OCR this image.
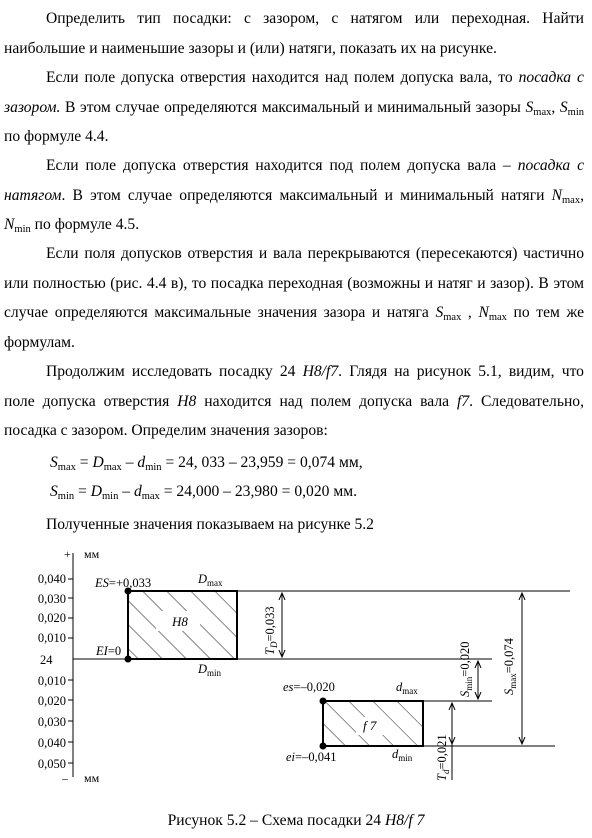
Определить тип посадки: с зазором, с натягом или переходная. Найти наибольшие и наименьшие зазоры и (или) натяги, показать их на рисунке.

Если поле допуска отверстия находится над полем допуска вала, то посадка с зазором. В этом случае определяются максимальный и минимальный зазоры $S_{max}$, $S_{min}$ по формуле 4.4.

Если поле допуска отверстия находится под полем допуска вала – посадка с натягом. В этом случае определяются максимальный и минимальный натяги $N_{max}$, $N_{min}$ по формуле 4.5.

Если поля допусков отверстия и вала перекрываются (пересекаются) частично или полностью (рис. 4.4 в), то посадка переходная (возможны и натяг и зазор). В этом случае определяются максимальные значения зазора и натяга $S_{max}$ , $N_{max}$ по тем же формулам.

Продолжим исследовать посадку 24 H8/f7. Глядя на рисунок 5.1, видим, что поле допуска отверстия H8 находится над полем допуска вала f7. Следовательно, посадка с зазором. Определим значения зазоров:

$S_{max} = D_{max} - d_{min} = 24$, 033 – 23,959 = 0,074 мм,

$S_{min} = D_{min} - d_{max} = 24,000 - 23,980 = 0,020$ мм.

Полученные значения показываем на рисунке 5.2

+ мм
– мм
0,040
0,030
0,020
0,010
24
0,010
0,020
0,030
0,040
0,050
H8
ES=+0,033	$D_{max}$
EI=0
$D_{min}$
$T_D=0,033$
f 7
es=–0,020	$d_{max}$
ei=–0,041	$d_{min}$
$T_d=0,021$
$S_{min}=0,020$
$S_{max}=0,074$
Рисунок 5.2 – Схема посадки 24 H8/f 7
